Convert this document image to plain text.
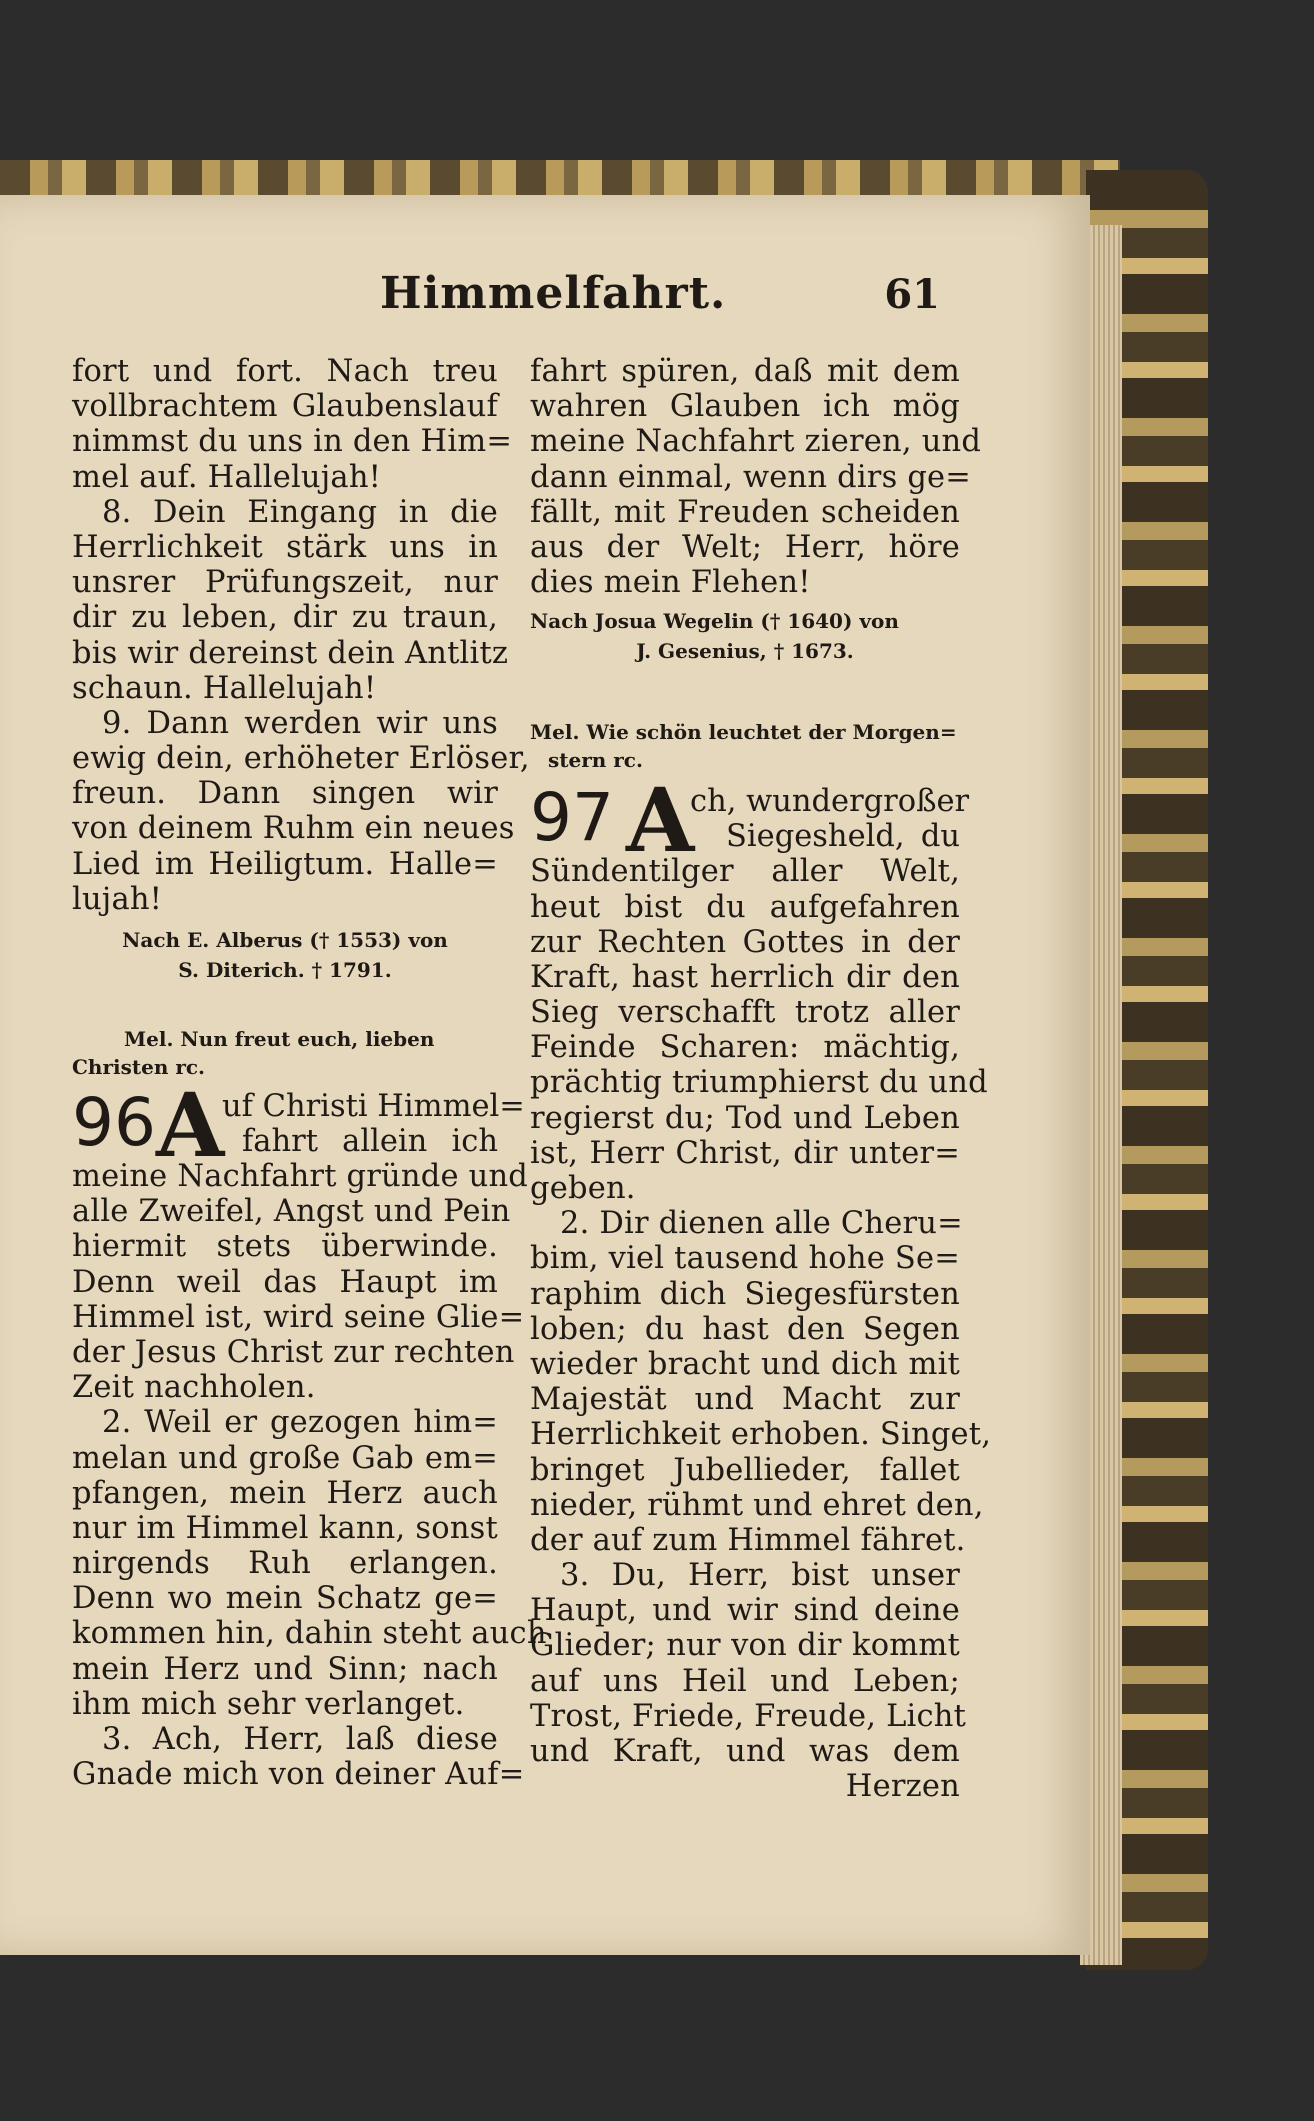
Himmelfahrt.	61

fort und fort. Nach treu

vollbrachtem Glaubenslauf

nimmst du uns in den Him=

mel auf. Hallelujah!

8. Dein Eingang in die

Herrlichkeit stärk uns in

unsrer Prüfungszeit, nur

dir zu leben, dir zu traun,

bis wir dereinst dein Antlitz

schaun. Hallelujah!

9. Dann werden wir uns

ewig dein, erhöheter Erlöser,

freun. Dann singen wir

von deinem Ruhm ein neues

Lied im Heiligtum. Halle=

lujah!

Nach E. Alberus († 1553) von

S. Diterich. † 1791.

Mel. Nun freut euch, lieben

Christen rc.

96 A
uf Christi Himmel=
fahrt allein ich

meine Nachfahrt gründe und

alle Zweifel, Angst und Pein

hiermit stets überwinde.

Denn weil das Haupt im

Himmel ist, wird seine Glie=

der Jesus Christ zur rechten

Zeit nachholen.

2. Weil er gezogen him=

melan und große Gab em=

pfangen, mein Herz auch

nur im Himmel kann, sonst

nirgends Ruh erlangen.

Denn wo mein Schatz ge=

kommen hin, dahin steht auch

mein Herz und Sinn; nach

ihm mich sehr verlanget.

3. Ach, Herr, laß diese

Gnade mich von deiner Auf=

fahrt spüren, daß mit dem

wahren Glauben ich mög

meine Nachfahrt zieren, und

dann einmal, wenn dirs ge=

fällt, mit Freuden scheiden

aus der Welt; Herr, höre

dies mein Flehen!

Nach Josua Wegelin († 1640) von

J. Gesenius, † 1673.

Mel. Wie schön leuchtet der Morgen=

stern rc.

97 A
ch, wundergroßer
Siegesheld, du

Sündentilger aller Welt,

heut bist du aufgefahren

zur Rechten Gottes in der

Kraft, hast herrlich dir den

Sieg verschafft trotz aller

Feinde Scharen: mächtig,

prächtig triumphierst du und

regierst du; Tod und Leben

ist, Herr Christ, dir unter=

geben.

2. Dir dienen alle Cheru=

bim, viel tausend hohe Se=

raphim dich Siegesfürsten

loben; du hast den Segen

wieder bracht und dich mit

Majestät und Macht zur

Herrlichkeit erhoben. Singet,

bringet Jubellieder, fallet

nieder, rühmt und ehret den,

der auf zum Himmel fähret.

3. Du, Herr, bist unser

Haupt, und wir sind deine

Glieder; nur von dir kommt

auf uns Heil und Leben;

Trost, Friede, Freude, Licht

und Kraft, und was dem

Herzen
